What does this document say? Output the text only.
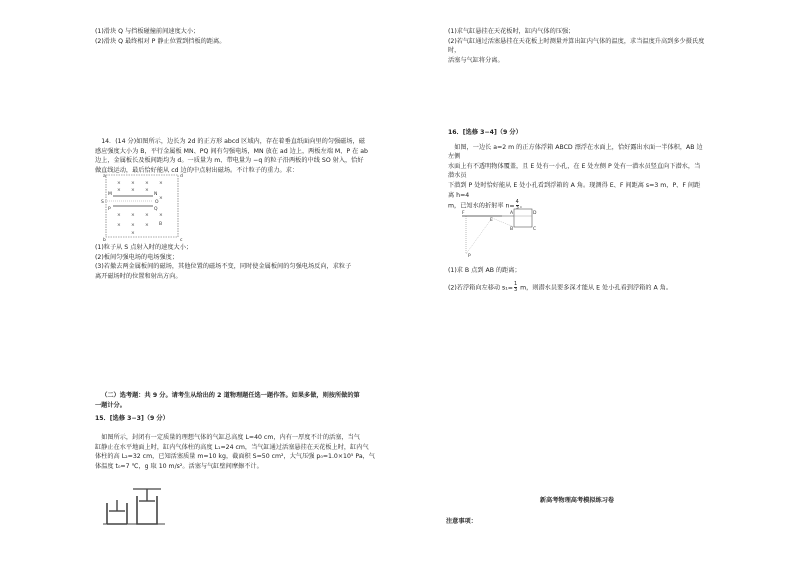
(1)滑块 Q 与挡板碰撞前间速度大小；

(2)滑块 Q 最终相对 P 静止位置到挡板的距离。

14．(14 分)如图所示，边长为 2d 的正方形 abcd 区域内，存在着垂直纸面向里的匀强磁场，磁

感应强度大小为 B，平行金属板 MN、PQ 间有匀强电场，MN 放在 ad 边上，两板左端 M、P 在 ab

边上，金属板长及板间距均为 d。一质量为 m、带电量为 −q 的粒子沿两板的中线 SO 射入，恰好

做直线运动，最后恰好能从 cd 边的中点射出磁场。不计粒子的重力。求：

a	d
b	c
M	N
P	Q
S	O
B
× × × ×
× × ×
×
× × × ×
× × ×
×

(1)粒子从 S 点射入时的速度大小；

(2)板间匀强电场的电场强度；

(3)若撤去两金属板间的磁场，其他位置的磁场不变，同时使金属板间的匀强电场反向，求粒子

离开磁场时的位置和射出方向。

（二）选考题：共 9 分。请考生从给出的 2 道物理题任选一题作答。如果多做，则按所做的第

一题计分。

15．[选修 3−3]（9 分）

如图所示，封闭有一定质量的理想气体的气缸总高度 L=40 cm，内有一厚度不计的活塞，当气

缸静止在水平地面上时，缸内气体柱的高度 L₁=24 cm，当气缸通过活塞悬挂在天花板上时，缸内气

体柱的高 L₂=32 cm，已知活塞质量 m=10 kg，截面积 S=50 cm²，大气压强 p₀=1.0×10⁵ Pa，气

体温度 t₀=7 ℃，g 取 10 m/s²。活塞与气缸壁间摩擦不计。

(1)求气缸悬挂在天花板时，缸内气体的压强；

(2)若气缸通过活塞悬挂在天花板上时测量并算出缸内气体的温度，求当温度升高到多少摄氏度时，

活塞与气缸将分离。

16．[选修 3−4]（9 分）

如图，一边长 a=2 m 的正方体浮箱 ABCD 漂浮在水面上，恰好露出水面一半体积，AB 边左侧

水面上有不透明物体覆盖，且 E 处有一小孔，在 E 处左侧 P 处有一潜水员竖直向下潜水，当潜水员

下潜到 P 处时恰好能从 E 处小孔看到浮箱的 A 角。现测得 E、F 间距离 s=3 m，P、F 间距离 h=4

m，已知水的折射率 $n= \frac{4}{3}$ 。

F
E
A	D
B	C
P

(1)求 B 点到 AB 的距离；

(2)若浮箱向左移动 $s_1= \frac{1}{3}$ m，则潜水员要多深才能从 E 处小孔看到浮箱的 A 角。

新高考物理高考模拟练习卷
注意事项：
